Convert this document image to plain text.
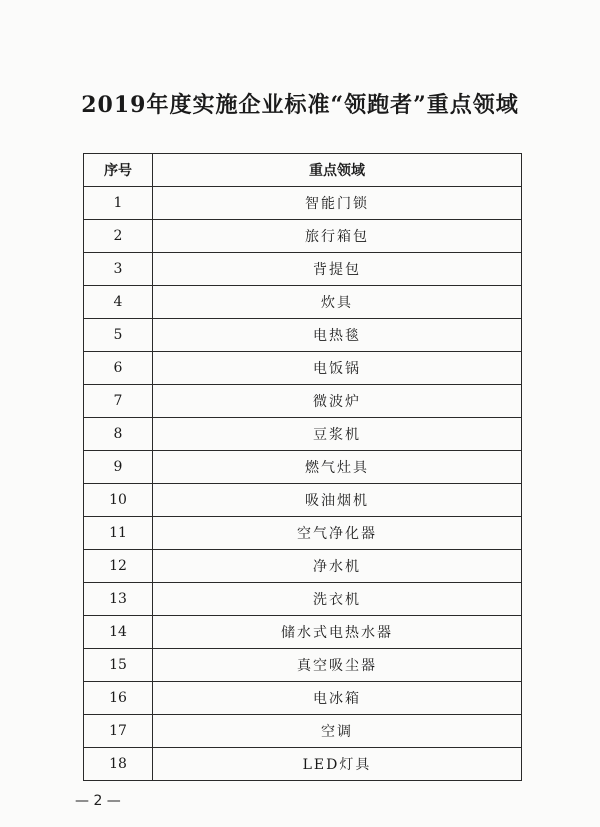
2019年度实施企业标准“领跑者”重点领域
序号	重点领域
1	智能门锁
2	旅行箱包
3	背提包
4	炊具
5	电热毯
6	电饭锅
7	微波炉
8	豆浆机
9	燃气灶具
10	吸油烟机
11	空气净化器
12	净水机
13	洗衣机
14	储水式电热水器
15	真空吸尘器
16	电冰箱
17	空调
18	LED灯具
— 2 —
